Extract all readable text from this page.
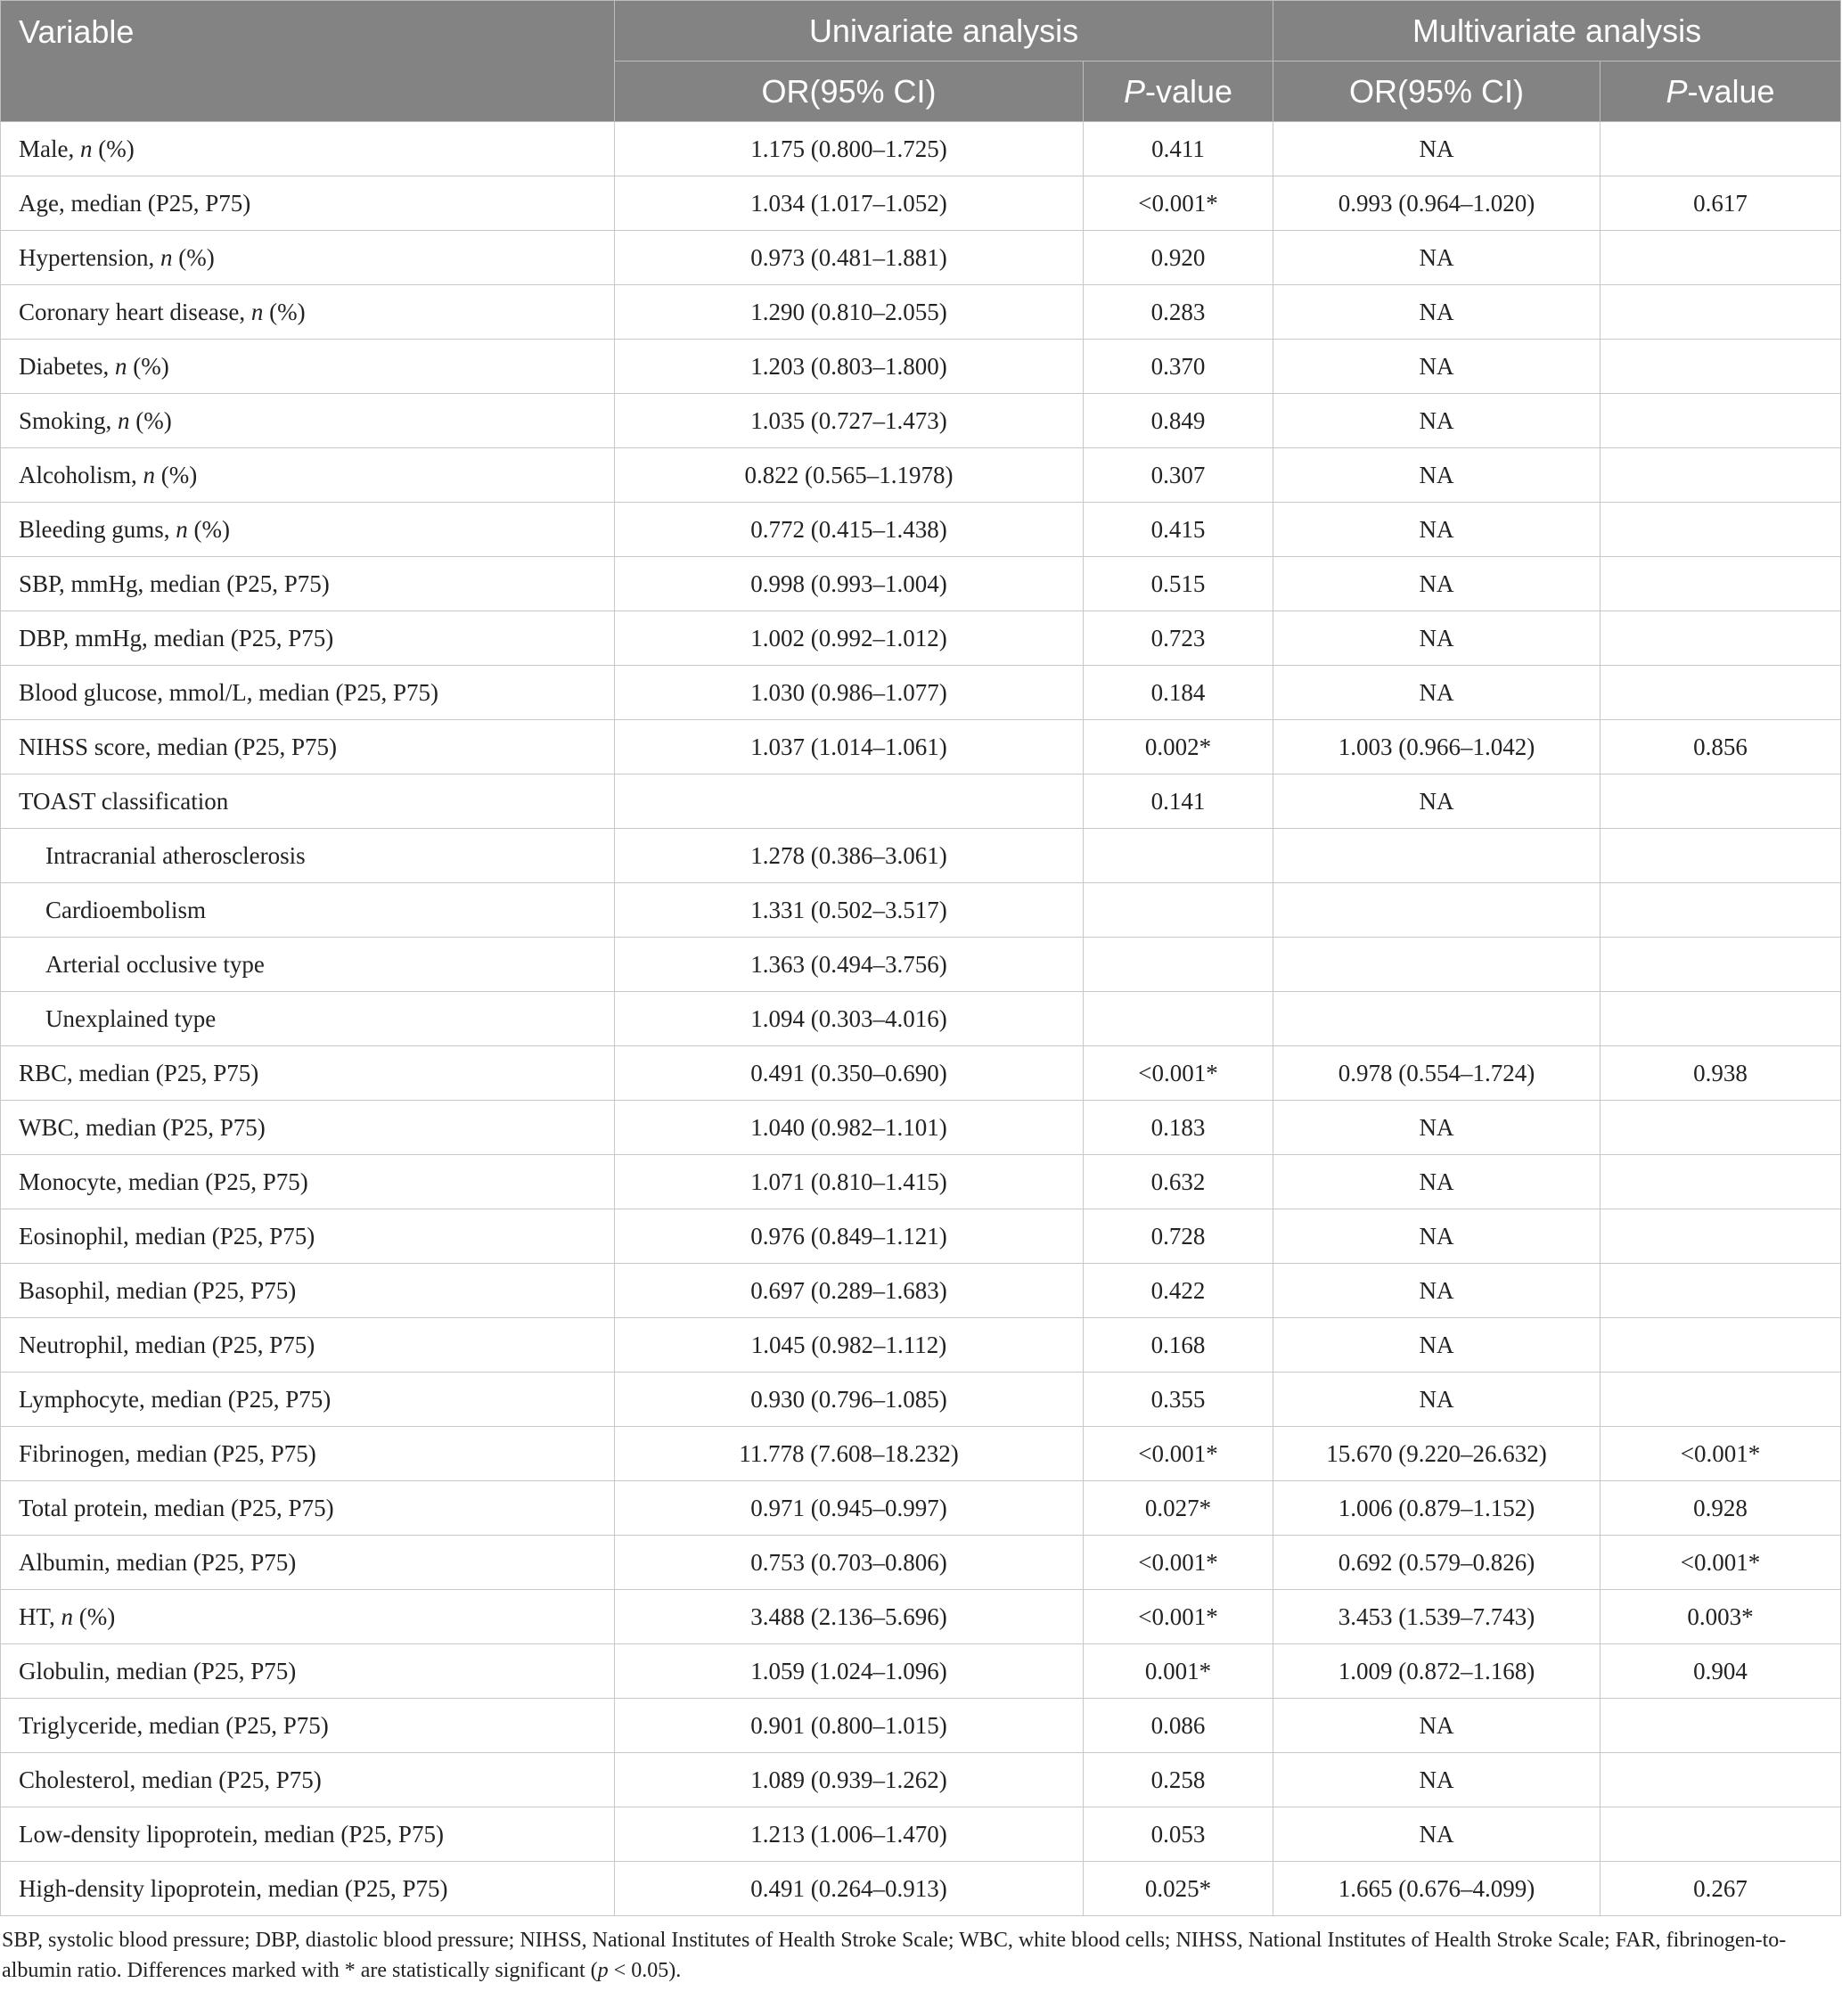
Variable	Univariate analysis		Multivariate analysis	
	OR(95% CI)	P-value	OR(95% CI)	P-value
Male, n (%)	1.175 (0.800–1.725)	0.411	NA	
Age, median (P25, P75)	1.034 (1.017–1.052)	<0.001*	0.993 (0.964–1.020)	0.617
Hypertension, n (%)	0.973 (0.481–1.881)	0.920	NA	
Coronary heart disease, n (%)	1.290 (0.810–2.055)	0.283	NA	
Diabetes, n (%)	1.203 (0.803–1.800)	0.370	NA	
Smoking, n (%)	1.035 (0.727–1.473)	0.849	NA	
Alcoholism, n (%)	0.822 (0.565–1.1978)	0.307	NA	
Bleeding gums, n (%)	0.772 (0.415–1.438)	0.415	NA	
SBP, mmHg, median (P25, P75)	0.998 (0.993–1.004)	0.515	NA	
DBP, mmHg, median (P25, P75)	1.002 (0.992–1.012)	0.723	NA	
Blood glucose, mmol/L, median (P25, P75)	1.030 (0.986–1.077)	0.184	NA	
NIHSS score, median (P25, P75)	1.037 (1.014–1.061)	0.002*	1.003 (0.966–1.042)	0.856
TOAST classification		0.141	NA	
Intracranial atherosclerosis	1.278 (0.386–3.061)			
Cardioembolism	1.331 (0.502–3.517)			
Arterial occlusive type	1.363 (0.494–3.756)			
Unexplained type	1.094 (0.303–4.016)			
RBC, median (P25, P75)	0.491 (0.350–0.690)	<0.001*	0.978 (0.554–1.724)	0.938
WBC, median (P25, P75)	1.040 (0.982–1.101)	0.183	NA	
Monocyte, median (P25, P75)	1.071 (0.810–1.415)	0.632	NA	
Eosinophil, median (P25, P75)	0.976 (0.849–1.121)	0.728	NA	
Basophil, median (P25, P75)	0.697 (0.289–1.683)	0.422	NA	
Neutrophil, median (P25, P75)	1.045 (0.982–1.112)	0.168	NA	
Lymphocyte, median (P25, P75)	0.930 (0.796–1.085)	0.355	NA	
Fibrinogen, median (P25, P75)	11.778 (7.608–18.232)	<0.001*	15.670 (9.220–26.632)	<0.001*
Total protein, median (P25, P75)	0.971 (0.945–0.997)	0.027*	1.006 (0.879–1.152)	0.928
Albumin, median (P25, P75)	0.753 (0.703–0.806)	<0.001*	0.692 (0.579–0.826)	<0.001*
HT, n (%)	3.488 (2.136–5.696)	<0.001*	3.453 (1.539–7.743)	0.003*
Globulin, median (P25, P75)	1.059 (1.024–1.096)	0.001*	1.009 (0.872–1.168)	0.904
Triglyceride, median (P25, P75)	0.901 (0.800–1.015)	0.086	NA	
Cholesterol, median (P25, P75)	1.089 (0.939–1.262)	0.258	NA	
Low-density lipoprotein, median (P25, P75)	1.213 (1.006–1.470)	0.053	NA	
High-density lipoprotein, median (P25, P75)	0.491 (0.264–0.913)	0.025*	1.665 (0.676–4.099)	0.267
SBP, systolic blood pressure; DBP, diastolic blood pressure; NIHSS, National Institutes of Health Stroke Scale; WBC, white blood cells; NIHSS, National Institutes of Health Stroke Scale; FAR, fibrinogen-to-albumin ratio. Differences marked with * are statistically significant (p < 0.05).
